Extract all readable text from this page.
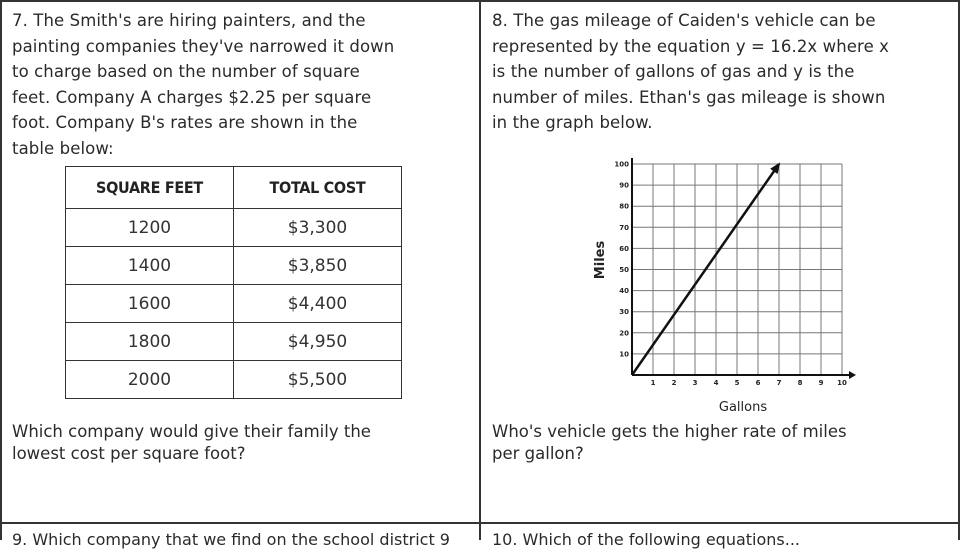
7. The Smith's are hiring painters, and the
painting companies they've narrowed it down
to charge based on the number of square
feet. Company A charges $2.25 per square
foot. Company B's rates are shown in the
table below:
SQUARE FEET	TOTAL COST
1200	$3,300
1400	$3,850
1600	$4,400
1800	$4,950
2000	$5,500
Which company would give their family the
lowest cost per square foot?
8. The gas mileage of Caiden's vehicle can be
represented by the equation y = 16.2x where x
is the number of gallons of gas and y is the
number of miles. Ethan's gas mileage is shown
in the graph below.
1 2 3 4 5 6 7 8 9 10
10
20
30
40
50
60
70
80
90
100
Gallons
Miles
Who's vehicle gets the higher rate of miles
per gallon?
9. Which company that we find on the school district 9	10. Which of the following equations...
